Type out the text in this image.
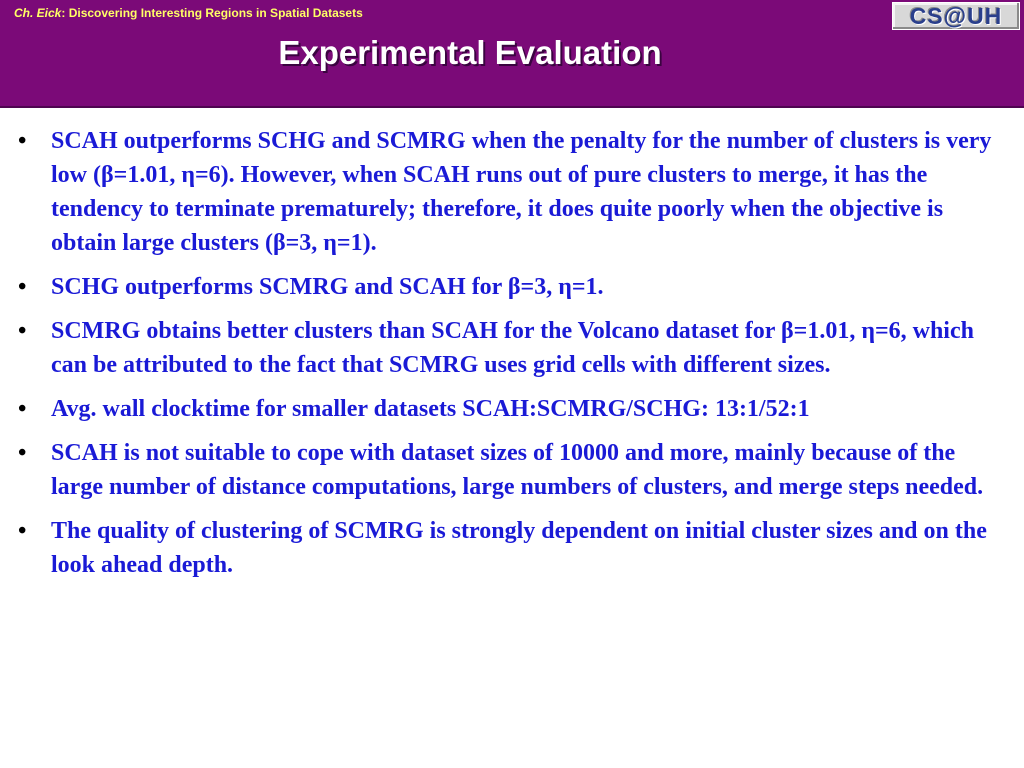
Ch. Eick: Discovering Interesting Regions in Spatial Datasets
Experimental Evaluation
CS@UH
• SCAH outperforms SCHG and SCMRG when the penalty for the number of clusters is very low (β=1.01, η=6). However, when SCAH runs out of pure clusters to merge, it has the tendency to terminate prematurely; therefore, it does quite poorly when the objective is obtain large clusters (β=3, η=1).
• SCHG outperforms SCMRG and SCAH for β=3, η=1.
• SCMRG obtains better clusters than SCAH for the Volcano dataset for β=1.01, η=6, which can be attributed to the fact that SCMRG uses grid cells with different sizes.
• Avg. wall clocktime for smaller datasets SCAH:SCMRG/SCHG: 13:1/52:1
• SCAH is not suitable to cope with dataset sizes of 10000 and more, mainly because of the large number of distance computations, large numbers of clusters, and merge steps needed.
• The quality of clustering of SCMRG is strongly dependent on initial cluster sizes and on the look ahead depth.
